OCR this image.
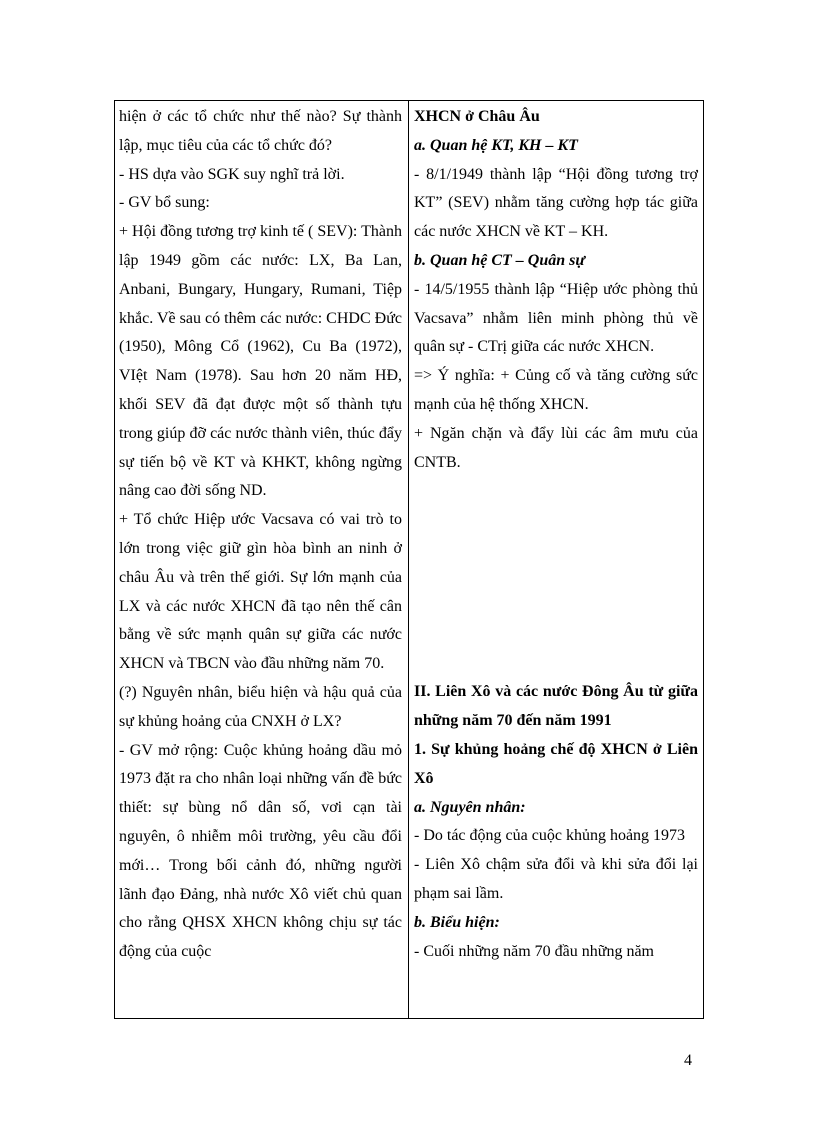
hiện ở các tổ chức như thế nào? Sự thành lập, mục tiêu của các tổ chức đó?

- HS dựa vào SGK suy nghĩ trả lời.

- GV bổ sung:

+ Hội đồng tương trợ kinh tế ( SEV): Thành lập 1949 gồm các nước: LX, Ba Lan, Anbani, Bungary, Hungary, Rumani, Tiệp khắc. Về sau có thêm các nước: CHDC Đức (1950), Mông Cổ (1962), Cu Ba (1972), VIệt Nam (1978). Sau hơn 20 năm HĐ, khối SEV đã đạt được một số thành tựu trong giúp đỡ các nước thành viên, thúc đẩy sự tiến bộ về KT và KHKT, không ngừng nâng cao đời sống ND.

+ Tổ chức Hiệp ước Vacsava có vai trò to lớn trong việc giữ gìn hòa bình an ninh ở châu Âu và trên thế giới. Sự lớn mạnh của LX và các nước XHCN đã tạo nên thế cân bằng về sức mạnh quân sự giữa các nước XHCN và TBCN vào đầu những năm 70.

(?) Nguyên nhân, biểu hiện và hậu quả của sự khủng hoảng của CNXH ở LX?

- GV mở rộng: Cuộc khủng hoảng dầu mỏ 1973 đặt ra cho nhân loại những vấn đề bức thiết: sự bùng nổ dân số, vơi cạn tài nguyên, ô nhiễm môi trường, yêu cầu đổi mới… Trong bối cảnh đó, những người lãnh đạo Đảng, nhà nước Xô viết chủ quan cho rằng QHSX XHCN không chịu sự tác động của cuộc

XHCN ở Châu Âu

a. Quan hệ KT, KH – KT

- 8/1/1949 thành lập “Hội đồng tương trợ KT” (SEV) nhằm tăng cường hợp tác giữa các nước XHCN về KT – KH.

b. Quan hệ CT – Quân sự

- 14/5/1955 thành lập “Hiệp ước phòng thủ Vacsava” nhằm liên minh phòng thủ về quân sự - CTrị giữa các nước XHCN.

=> Ý nghĩa: + Củng cố và tăng cường sức mạnh của hệ thống XHCN.

+ Ngăn chặn và đẩy lùi các âm mưu của CNTB.

II. Liên Xô và các nước Đông Âu từ giữa những năm 70 đến năm 1991

1. Sự khủng hoảng chế độ XHCN ở Liên Xô

a. Nguyên nhân:

- Do tác động của cuộc khủng hoảng 1973

- Liên Xô chậm sửa đổi và khi sửa đổi lại phạm sai lầm.

b. Biểu hiện:

- Cuối những năm 70 đầu những năm

4
